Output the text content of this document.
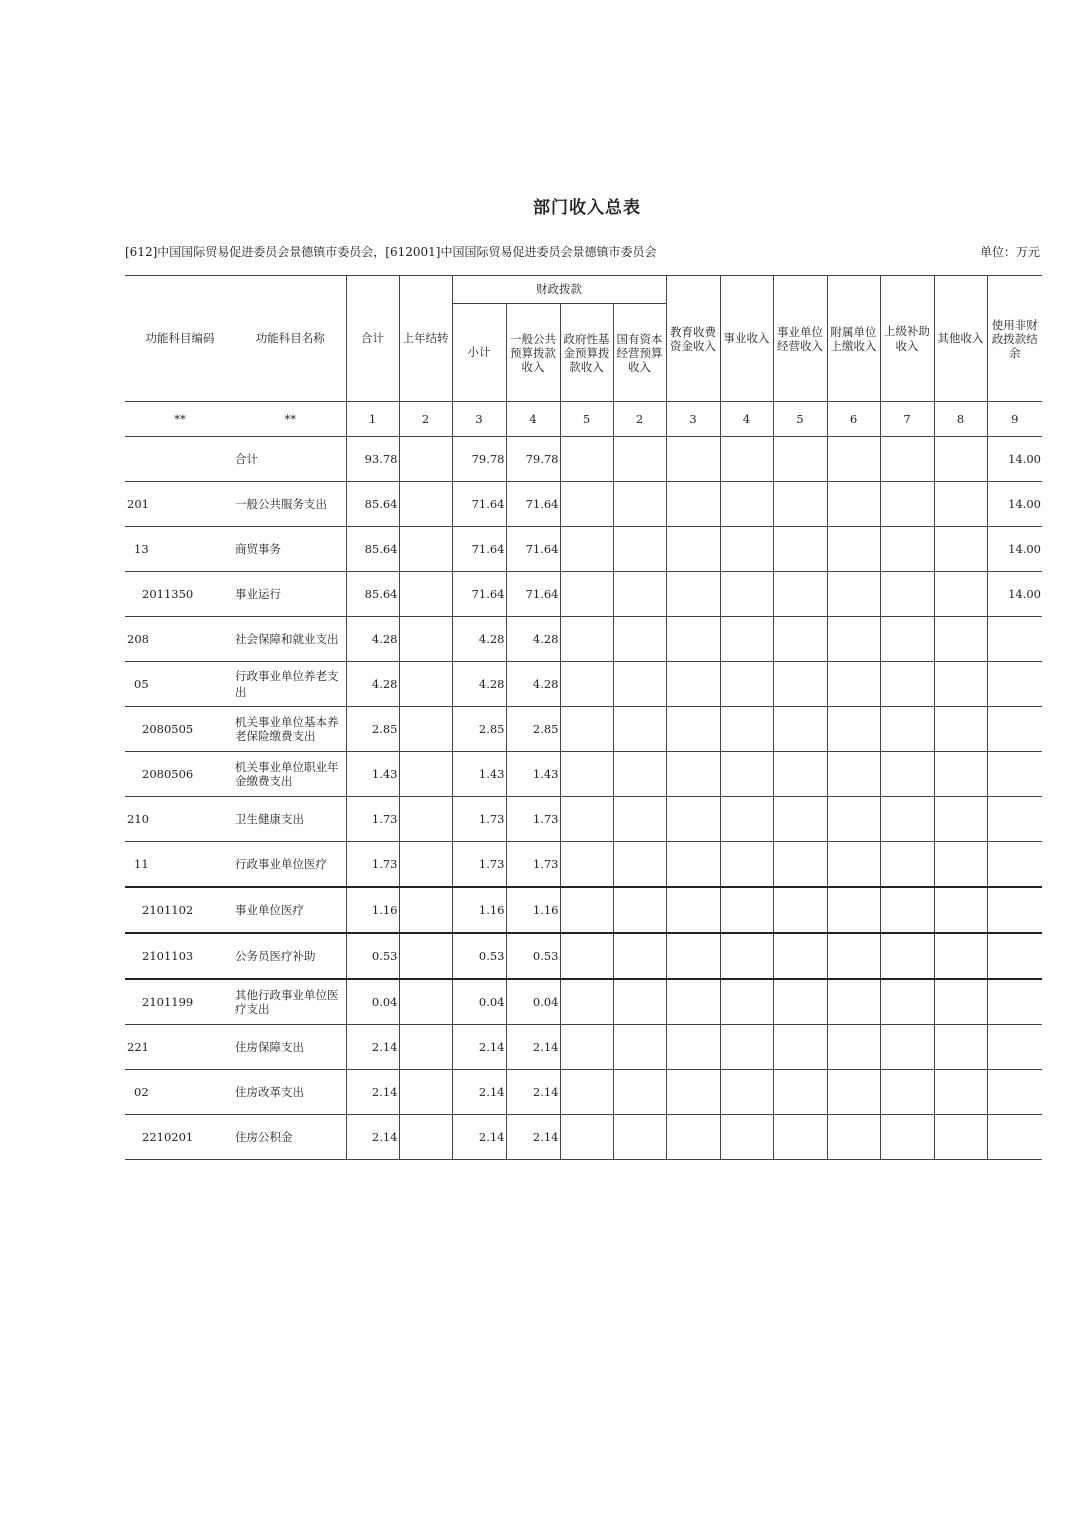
部门收入总表
[612]中国国际贸易促进委员会景德镇市委员会，[612001]中国国际贸易促进委员会景德镇市委员会	单位：万元
功能科目编码	功能科目名称	合计	上年结转	财政拨款				教育收费资金收入	事业收入	事业单位经营收入	附属单位上缴收入	上级补助收入	其他收入	使用非财政拨款结余

				小计	一般公共预算拨款收入	政府性基金预算拨款收入	国有资本经营预算收入							

**	**	1	2	3	4	5	2	3	4	5	6	7	8	9
	合计	93.78		79.78	79.78									14.00
201	一般公共服务支出	85.64		71.64	71.64									14.00
13	商贸事务	85.64		71.64	71.64									14.00
2011350	事业运行	85.64		71.64	71.64									14.00
208	社会保障和就业支出	4.28		4.28	4.28									
05	行政事业单位养老支出	4.28		4.28	4.28									
2080505	机关事业单位基本养老保险缴费支出	2.85		2.85	2.85									
2080506	机关事业单位职业年金缴费支出	1.43		1.43	1.43									
210	卫生健康支出	1.73		1.73	1.73									
11	行政事业单位医疗	1.73		1.73	1.73									
2101102	事业单位医疗	1.16		1.16	1.16									
2101103	公务员医疗补助	0.53		0.53	0.53									
2101199	其他行政事业单位医疗支出	0.04		0.04	0.04									
221	住房保障支出	2.14		2.14	2.14									
02	住房改革支出	2.14		2.14	2.14									
2210201	住房公积金	2.14		2.14	2.14									
